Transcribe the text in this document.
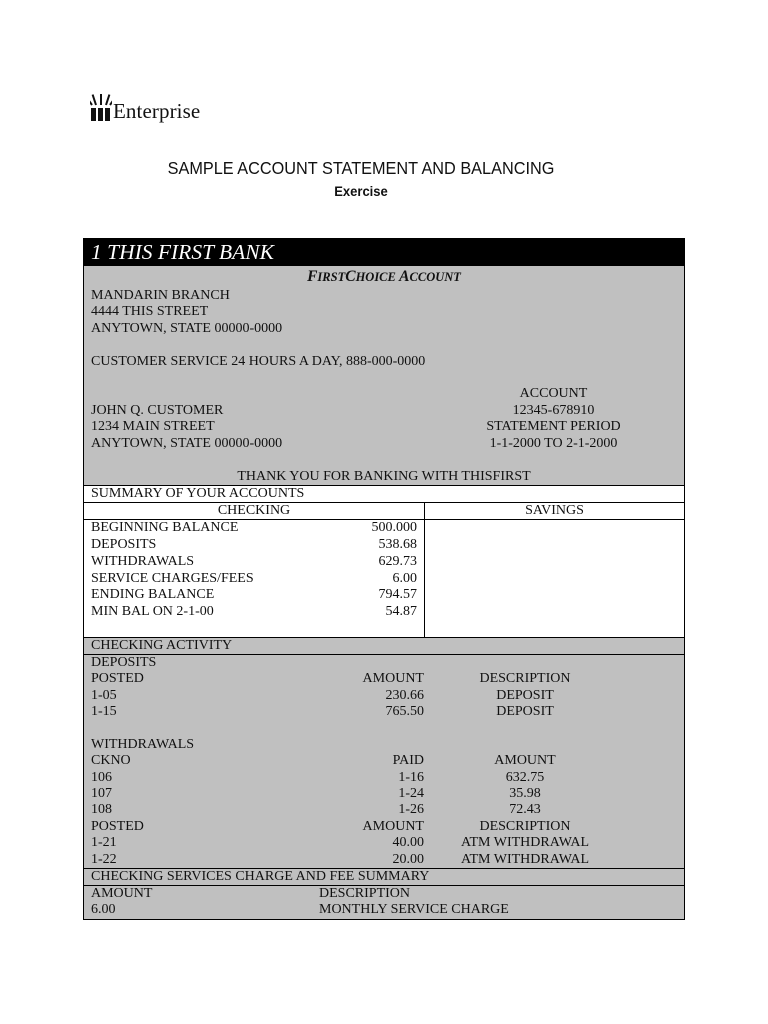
Enterprise
SAMPLE ACCOUNT STATEMENT AND BALANCING
Exercise
1 THIS FIRST BANK
FIRSTCHOICE ACCOUNT
MANDARIN BRANCH
4444 THIS STREET
ANYTOWN, STATE 00000-0000
CUSTOMER SERVICE 24 HOURS A DAY, 888-000-0000
JOHN Q. CUSTOMER
1234 MAIN STREET
ANYTOWN, STATE 00000-0000
ACCOUNT
12345-678910
STATEMENT PERIOD
1-1-2000 TO 2-1-2000
THANK YOU FOR BANKING WITH THISFIRST
SUMMARY OF YOUR ACCOUNTS
CHECKING	SAVINGS
BEGINNING BALANCE	500.000
DEPOSITS	538.68
WITHDRAWALS	629.73
SERVICE CHARGES/FEES	6.00
ENDING BALANCE	794.57
MIN BAL ON 2-1-00	54.87
CHECKING ACTIVITY
DEPOSITS
POSTED	AMOUNT	DESCRIPTION
1-05	230.66	DEPOSIT
1-15	765.50	DEPOSIT
WITHDRAWALS
CKNO	PAID	AMOUNT
106	1-16	632.75
107	1-24	35.98
108	1-26	72.43
POSTED	AMOUNT	DESCRIPTION
1-21	40.00	ATM WITHDRAWAL
1-22	20.00	ATM WITHDRAWAL
CHECKING SERVICES CHARGE AND FEE SUMMARY
AMOUNT	DESCRIPTION
6.00	MONTHLY SERVICE CHARGE
